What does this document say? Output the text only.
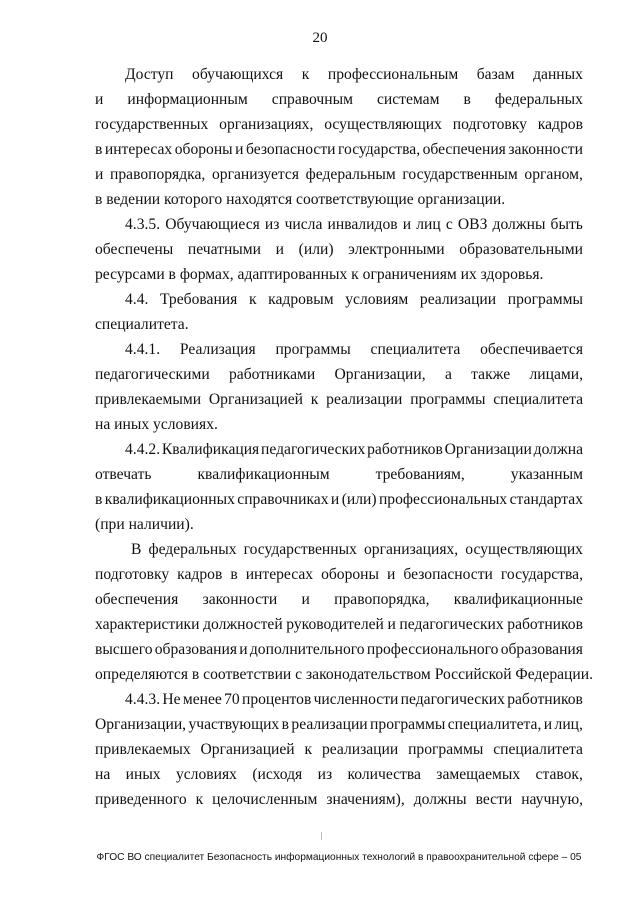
20
Доступ обучающихся к профессиональным базам данных
и информационным справочным системам в федеральных
государственных организациях, осуществляющих подготовку кадров
в интересах обороны и безопасности государства, обеспечения законности
и правопорядка, организуется федеральным государственным органом,
в ведении которого находятся соответствующие организации.
4.3.5. Обучающиеся из числа инвалидов и лиц с ОВЗ должны быть
обеспечены печатными и (или) электронными образовательными
ресурсами в формах, адаптированных к ограничениям их здоровья.
4.4. Требования к кадровым условиям реализации программы
специалитета.
4.4.1. Реализация программы специалитета обеспечивается
педагогическими работниками Организации, а также лицами,
привлекаемыми Организацией к реализации программы специалитета
на иных условиях.
4.4.2. Квалификация педагогических работников Организации должна
отвечать	квалификационным	требованиям,	указанным
в квалификационных справочниках и (или) профессиональных стандартах
(при наличии).
В федеральных государственных организациях, осуществляющих
подготовку кадров в интересах обороны и безопасности государства,
обеспечения законности и правопорядка, квалификационные
характеристики должностей руководителей и педагогических работников
высшего образования и дополнительного профессионального образования
определяются в соответствии с законодательством Российской Федерации.
4.4.3. Не менее 70 процентов численности педагогических работников
Организации, участвующих в реализации программы специалитета, и лиц,
привлекаемых Организацией к реализации программы специалитета
на иных условиях (исходя из количества замещаемых ставок,
приведенного к целочисленным значениям), должны вести научную,
ФГОС ВО специалитет Безопасность информационных технологий в правоохранительной сфере – 05
